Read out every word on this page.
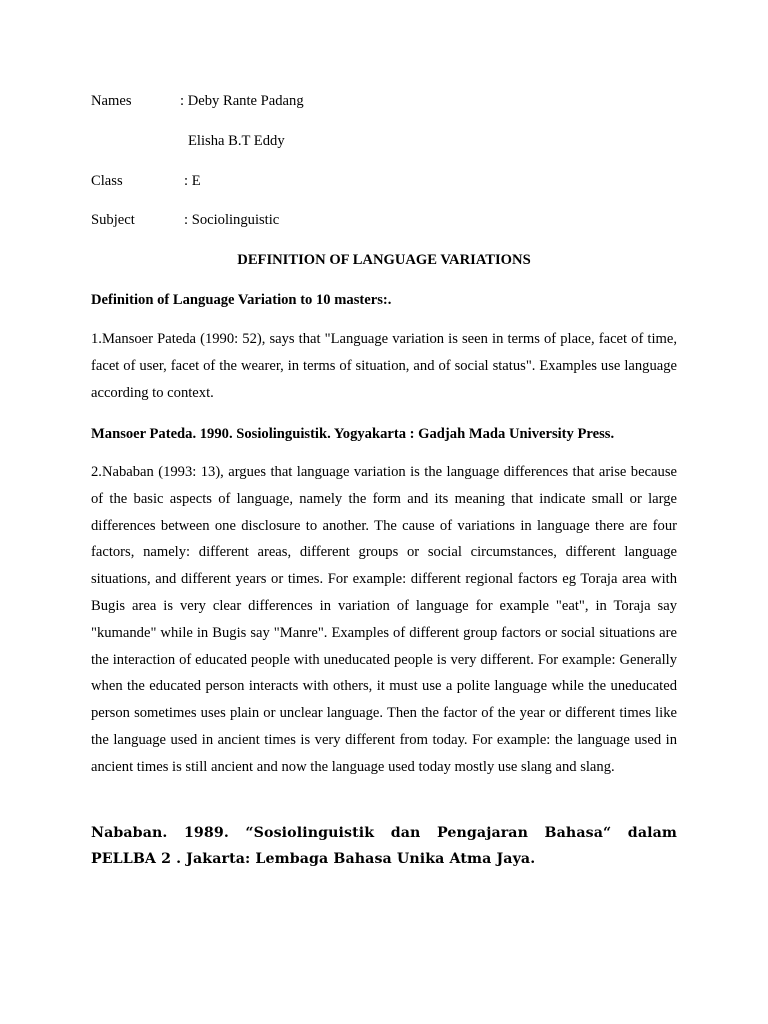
Names	: Deby Rante Padang
Elisha B.T Eddy
Class	: E
Subject	: Sociolinguistic
DEFINITION OF LANGUAGE VARIATIONS
Definition of Language Variation to 10 masters:.
1.Mansoer Pateda (1990: 52), says that "Language variation is seen in terms of place, facet of time, facet of user, facet of the wearer, in terms of situation, and of social status". Examples use language according to context.
Mansoer Pateda. 1990. Sosiolinguistik. Yogyakarta : Gadjah Mada University Press.
2.Nababan (1993: 13), argues that language variation is the language differences that arise because of the basic aspects of language, namely the form and its meaning that indicate small or large differences between one disclosure to another. The cause of variations in language there are four factors, namely: different areas, different groups or social circumstances, different language situations, and different years or times. For example: different regional factors eg Toraja area with Bugis area is very clear differences in variation of language for example "eat", in Toraja say "kumande" while in Bugis say "Manre". Examples of different group factors or social situations are the interaction of educated people with uneducated people is very different. For example: Generally when the educated person interacts with others, it must use a polite language while the uneducated person sometimes uses plain or unclear language. Then the factor of the year or different times like the language used in ancient times is very different from today. For example: the language used in ancient times is still ancient and now the language used today mostly use slang and slang.
Nababan. 1989. “Sosiolinguistik dan Pengajaran Bahasa“ dalam PELLBA 2 . Jakarta: Lembaga Bahasa Unika Atma Jaya.
